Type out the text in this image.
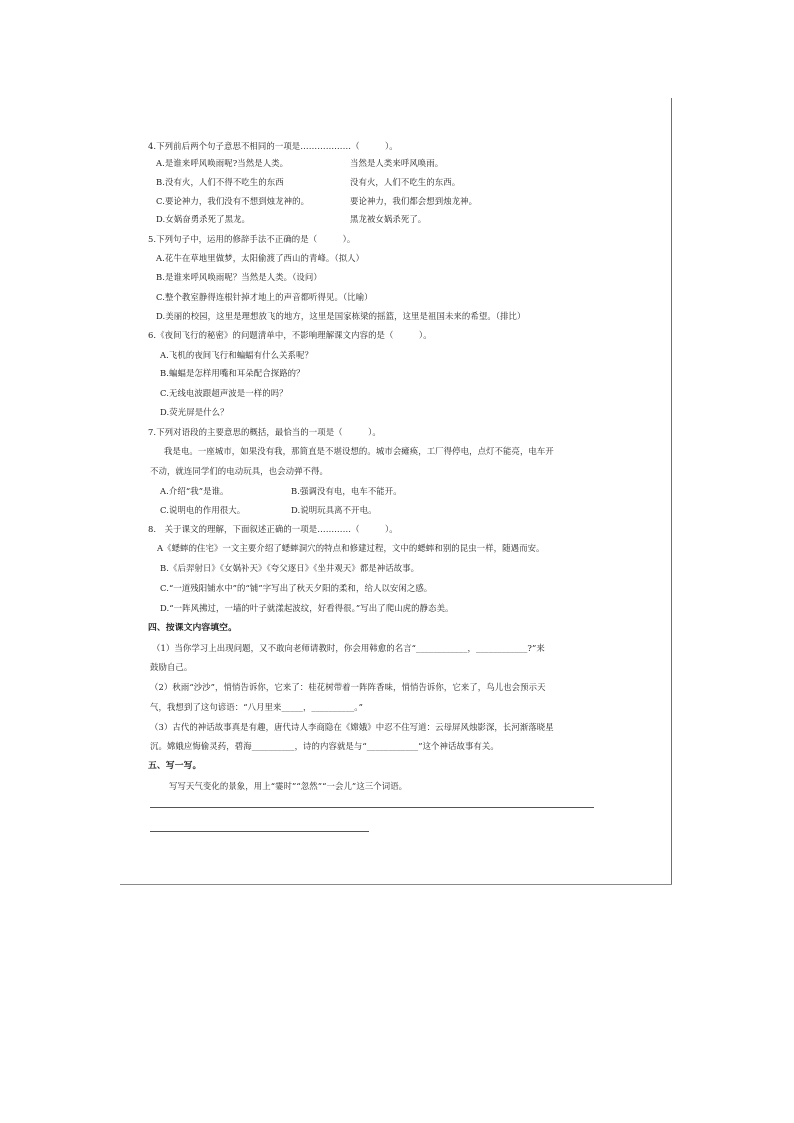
4.下列前后两个句子意思不相同的一项是………………（　　　）。
A.是谁来呼风唤雨呢?当然是人类。	当然是人类来呼风唤雨。
B.没有火，人们不得不吃生的东西	没有火，人们不吃生的东西。
C.要论神力，我们没有不想到烛龙神的。	要论神力，我们都会想到烛龙神。
D.女娲奋勇杀死了黑龙。	黑龙被女娲杀死了。
5.下列句子中，运用的修辞手法不正确的是（　　　）。
A.花牛在草地里做梦，太阳偷渡了西山的青峰。（拟人）
B.是谁来呼风唤雨呢？当然是人类。（设问）
C.整个教室静得连根针掉才地上的声音都听得见。（比喻）
D.美丽的校园，这里是理想放飞的地方，这里是国家栋梁的摇篮，这里是祖国未来的希望。（排比）
6.《夜间飞行的秘密》的问题清单中，不影响理解课文内容的是（　　　）。
A.飞机的夜间飞行和蝙蝠有什么关系呢？
B.蝙蝠是怎样用嘴和耳朵配合探路的？
C.无线电波跟超声波是一样的吗？
D.荧光屏是什么？
7.下列对语段的主要意思的概括，最恰当的一项是（　　　）。
我是电。一座城市，如果没有我，那简直是不堪设想的。城市会瘫痪，工厂得停电，点灯不能亮，电车开
不动，就连同学们的电动玩具，也会动弹不得。
A.介绍“我”是谁。	B.强调没有电，电车不能开。
C.说明电的作用很大。	D.说明玩具离不开电。
8.　关于课文的理解，下面叙述正确的一项是…………（　　　）。
A《蟋蟀的住宅》一文主要介绍了蟋蟀洞穴的特点和修建过程，文中的蟋蟀和别的昆虫一样，随遇而安。
B.《后羿射日》《女娲补天》《夸父逐日》《坐井观天》都是神话故事。
C.“一道残阳铺水中”的“铺”字写出了秋天夕阳的柔和，给人以安闲之感。
D.“一阵风拂过，一墙的叶子就漾起波纹，好看得很。”写出了爬山虎的静态美。
四、按课文内容填空。
（1）当你学习上出现问题，又不敢向老师请教时，你会用韩愈的名言“____________，____________?”来
鼓励自己。
（2）秋雨“沙沙”，悄悄告诉你，它来了：桂花树带着一阵阵香味，悄悄告诉你，它来了，鸟儿也会预示天
气，我想到了这句谚语：“八月里来_____，__________。”
（3）古代的神话故事真是有趣，唐代诗人李商隐在《嫦娥》中忍不住写道：云母屏风烛影深，长河渐落晓星
沉。嫦娥应悔偷灵药，碧海__________，诗的内容就是与“____________”这个神话故事有关。
五、写一写。
写写天气变化的景象，用上“霎时”“忽然”“一会儿”这三个词语。
